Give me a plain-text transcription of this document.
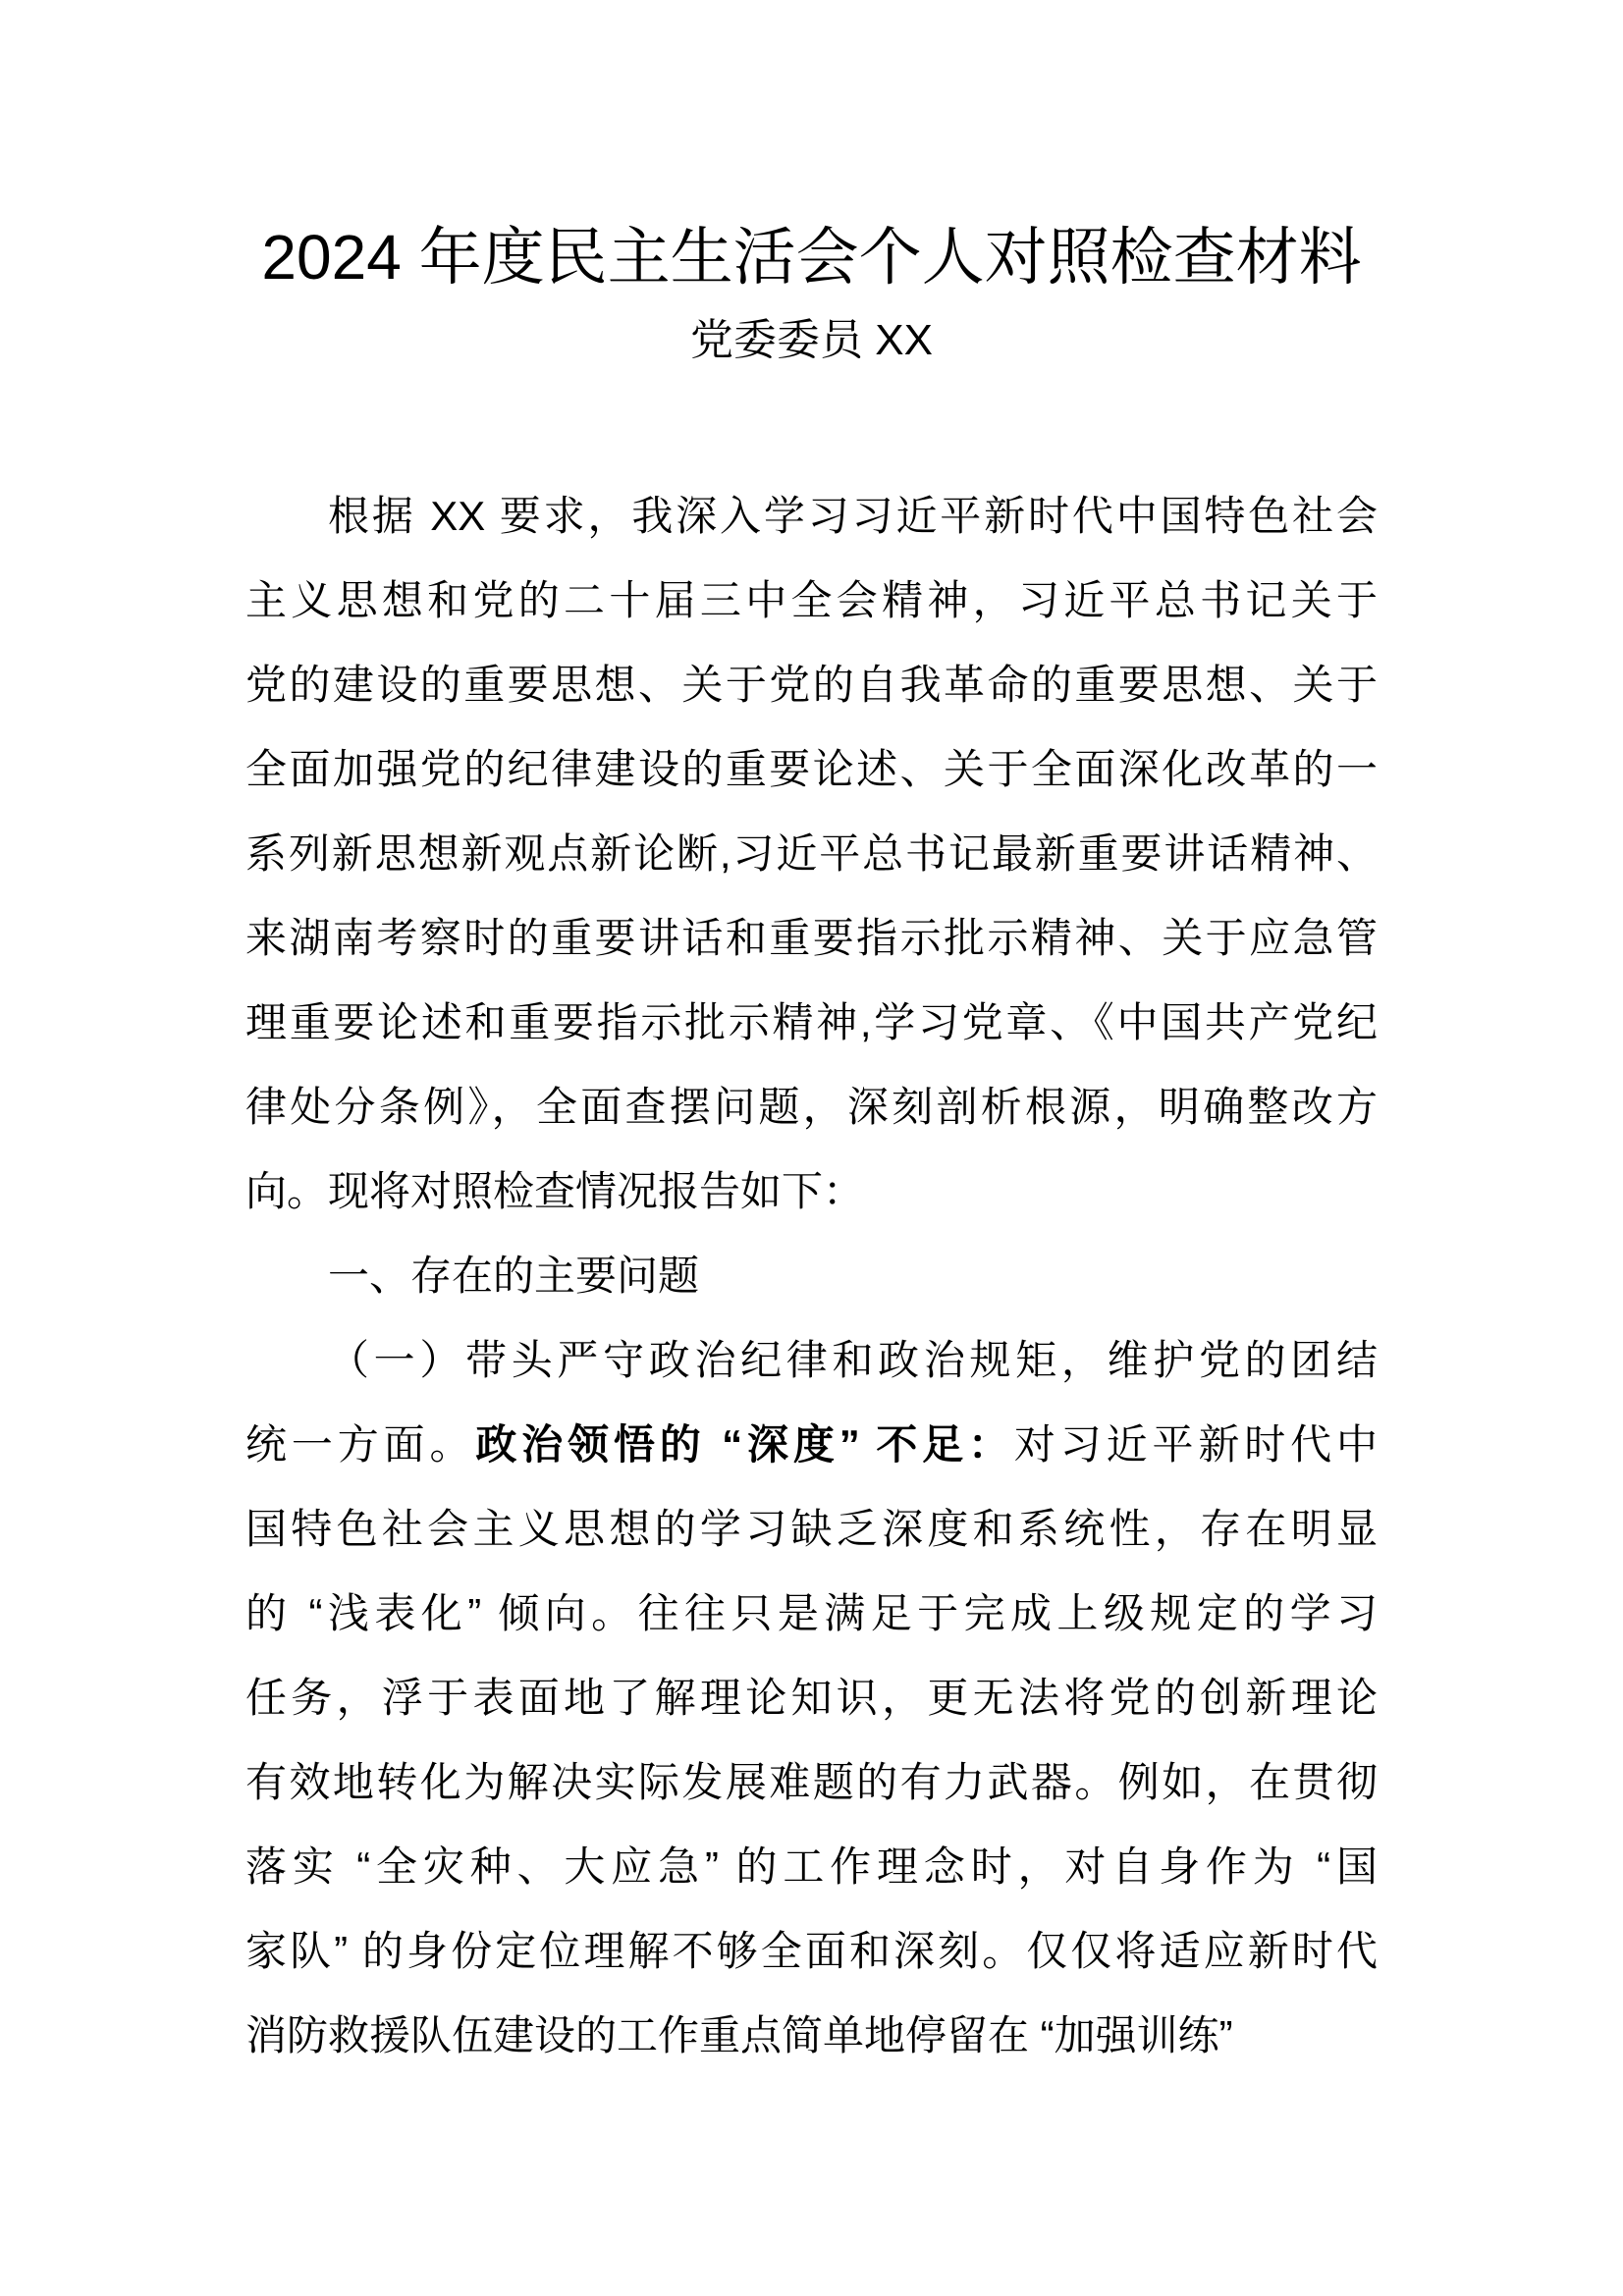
2024 年度民主生活会个人对照检查材料
党委委员 XX
根据 XX 要求，我深入学习习近平新时代中国特色社会
主义思想和党的二十届三中全会精神，习近平总书记关于
党的建设的重要思想、关于党的自我革命的重要思想、关于
全面加强党的纪律建设的重要论述、关于全面深化改革的一
系列新思想新观点新论断,习近平总书记最新重要讲话精神、
来湖南考察时的重要讲话和重要指示批示精神、关于应急管
理重要论述和重要指示批示精神,学习党章、《中国共产党纪
律处分条例》，全面查摆问题，深刻剖析根源，明确整改方
向。现将对照检查情况报告如下：
一、存在的主要问题
（一）带头严守政治纪律和政治规矩，维护党的团结
统一方面。政治领悟的 “深度” 不足：对习近平新时代中
国特色社会主义思想的学习缺乏深度和系统性，存在明显
的 “浅表化” 倾向。往往只是满足于完成上级规定的学习
任务，浮于表面地了解理论知识，更无法将党的创新理论
有效地转化为解决实际发展难题的有力武器。例如，在贯彻
落实 “全灾种、大应急” 的工作理念时，对自身作为 “国
家队” 的身份定位理解不够全面和深刻。仅仅将适应新时代
消防救援队伍建设的工作重点简单地停留在 “加强训练”
